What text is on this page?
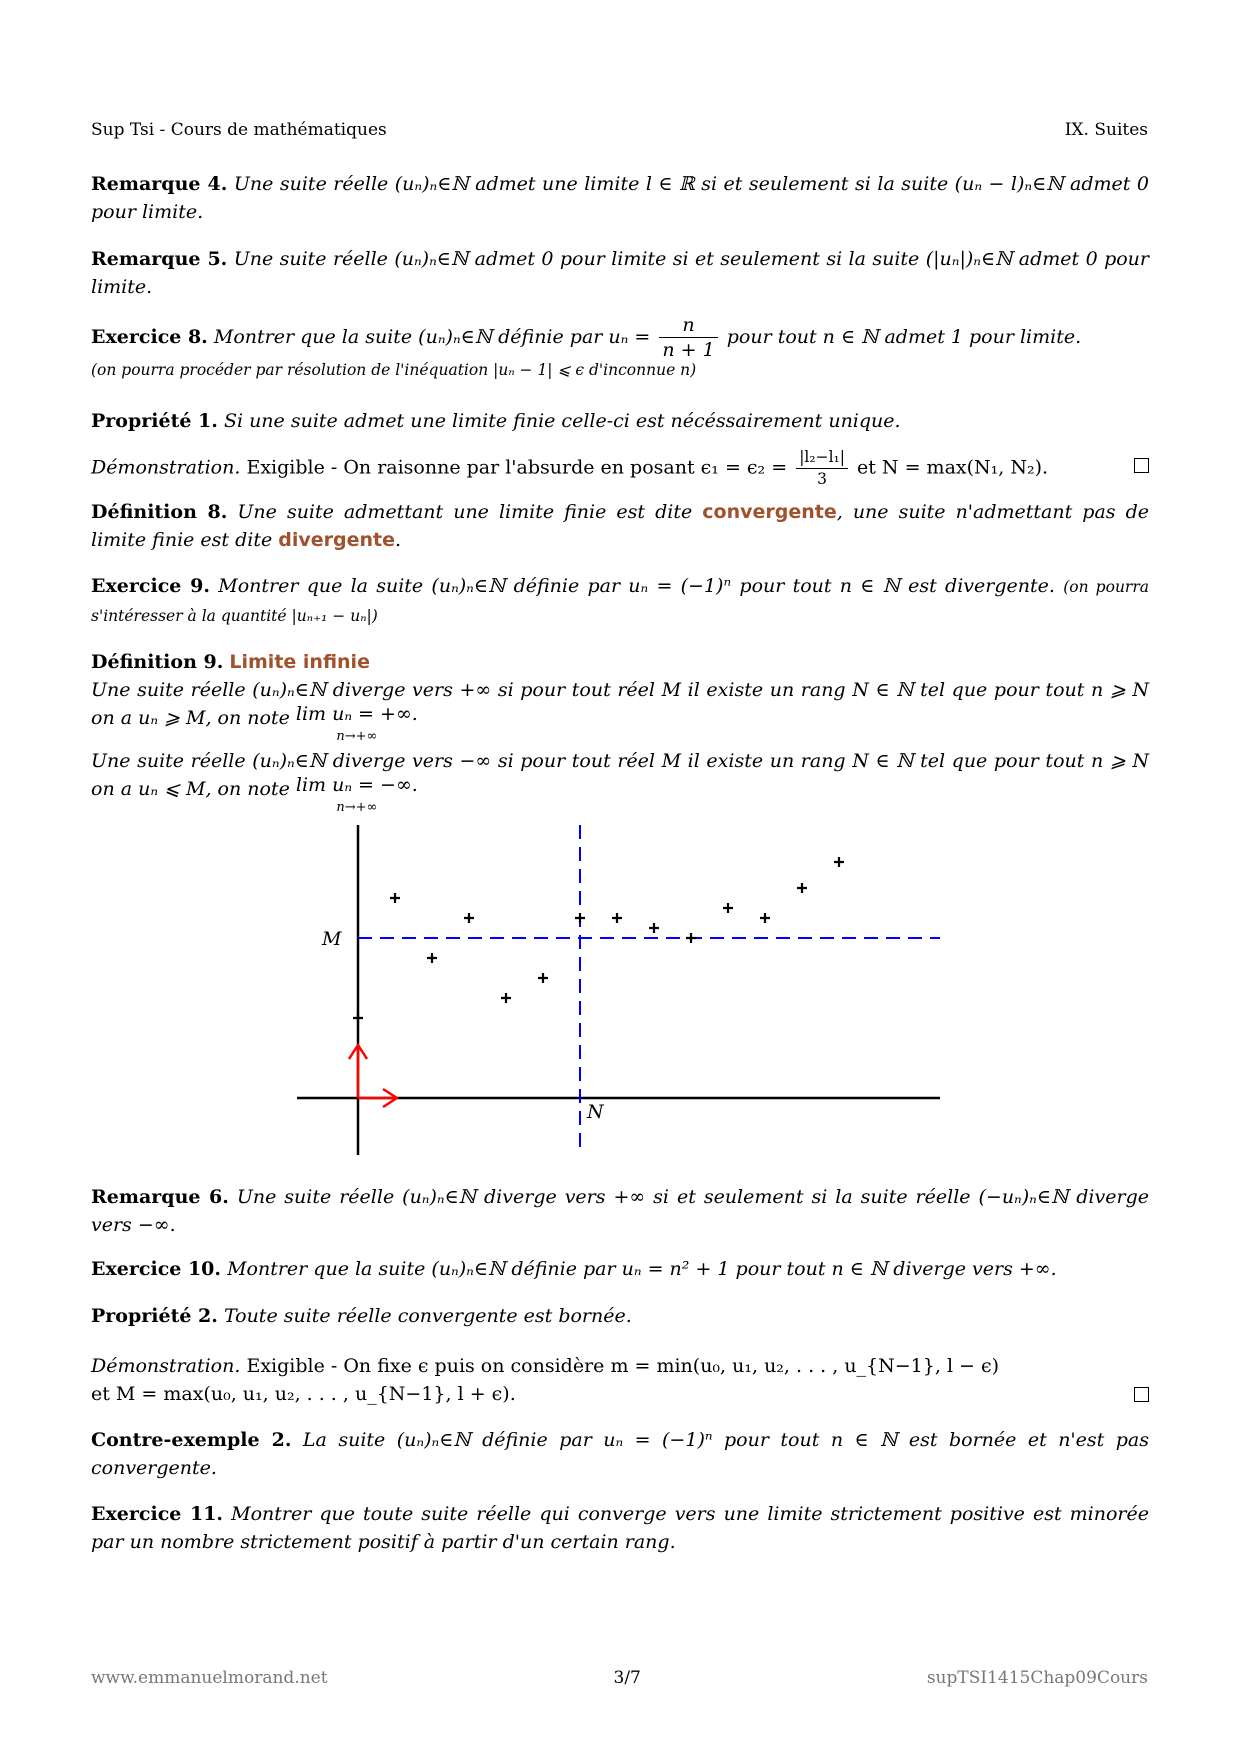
Sup Tsi - Cours de mathématiques	IX. Suites
Remarque 4. Une suite réelle (uₙ)ₙ∈ℕ admet une limite l ∈ ℝ si et seulement si la suite (uₙ − l)ₙ∈ℕ admet 0 pour limite.
Remarque 5. Une suite réelle (uₙ)ₙ∈ℕ admet 0 pour limite si et seulement si la suite (|uₙ|)ₙ∈ℕ admet 0 pour limite.
Exercice 8. Montrer que la suite (uₙ)ₙ∈ℕ définie par $u_n = \frac{n}{n + 1}$ pour tout n ∈ ℕ admet 1 pour limite.
(on pourra procéder par résolution de l'inéquation |uₙ − 1| ⩽ ϵ d'inconnue n)
Propriété 1. Si une suite admet une limite finie celle-ci est nécéssairement unique.
Démonstration. Exigible - On raisonne par l'absurde en posant $\epsilon_1 = \epsilon_2 = \frac{\text{|l₂−l₁|}}{3}$ et N = max(N₁, N₂).
Définition 8. Une suite admettant une limite finie est dite convergente, une suite n'admettant pas de limite finie est dite divergente.
Exercice 9. Montrer que la suite (uₙ)ₙ∈ℕ définie par uₙ = (−1)ⁿ pour tout n ∈ ℕ est divergente. (on pourra s'intéresser à la quantité |uₙ₊₁ − uₙ|)
Définition 9. Limite infinie
Une suite réelle (uₙ)ₙ∈ℕ diverge vers +∞ si pour tout réel M il existe un rang N ∈ ℕ tel que pour tout n ⩾ N on a uₙ ⩾ M, on note lim uₙ = +∞.
n→+∞
Une suite réelle (uₙ)ₙ∈ℕ diverge vers −∞ si pour tout réel M il existe un rang N ∈ ℕ tel que pour tout n ⩾ N on a uₙ ⩽ M, on note lim uₙ = −∞.
n→+∞
M
N
Remarque 6. Une suite réelle (uₙ)ₙ∈ℕ diverge vers +∞ si et seulement si la suite réelle (−uₙ)ₙ∈ℕ diverge vers −∞.
Exercice 10. Montrer que la suite (uₙ)ₙ∈ℕ définie par uₙ = n² + 1 pour tout n ∈ ℕ diverge vers +∞.
Propriété 2. Toute suite réelle convergente est bornée.
Démonstration. Exigible - On fixe ϵ puis on considère m = min(u₀, u₁, u₂, . . . , u_{N−1}, l − ϵ)
et M = max(u₀, u₁, u₂, . . . , u_{N−1}, l + ϵ).
Contre-exemple 2. La suite (uₙ)ₙ∈ℕ définie par uₙ = (−1)ⁿ pour tout n ∈ ℕ est bornée et n'est pas convergente.
Exercice 11. Montrer que toute suite réelle qui converge vers une limite strictement positive est minorée par un nombre strictement positif à partir d'un certain rang.
www.emmanuelmorand.net	3/7	supTSI1415Chap09Cours
